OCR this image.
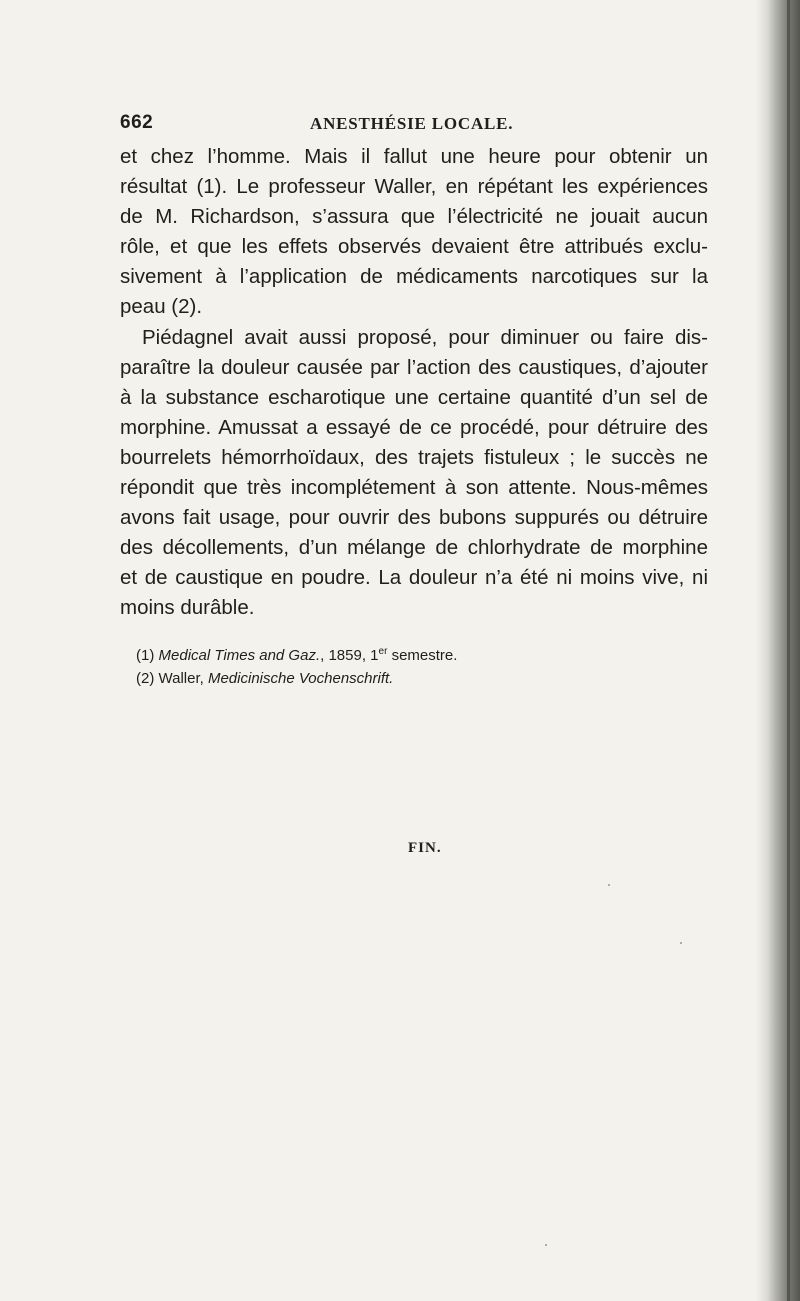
662	ANESTHÉSIE LOCALE.
et chez l’homme. Mais il fallut une heure pour obtenir un
résultat (1). Le professeur Waller, en répétant les expériences
de M. Richardson, s’assura que l’électricité ne jouait aucun
rôle, et que les effets observés devaient être attribués exclu-
sivement à l’application de médicaments narcotiques sur la
peau (2).
Piédagnel avait aussi proposé, pour diminuer ou faire dis-
paraître la douleur causée par l’action des caustiques, d’ajouter
à la substance escharotique une certaine quantité d’un sel de
morphine. Amussat a essayé de ce procédé, pour détruire des
bourrelets hémorrhoïdaux, des trajets fistuleux ; le succès ne
répondit que très incomplétement à son attente. Nous-mêmes
avons fait usage, pour ouvrir des bubons suppurés ou détruire
des décollements, d’un mélange de chlorhydrate de morphine
et de caustique en poudre. La douleur n’a été ni moins vive, ni
moins durâble.
(1) Medical Times and Gaz., 1859, 1er semestre.
(2) Waller, Medicinische Vochenschrift.
FIN.
